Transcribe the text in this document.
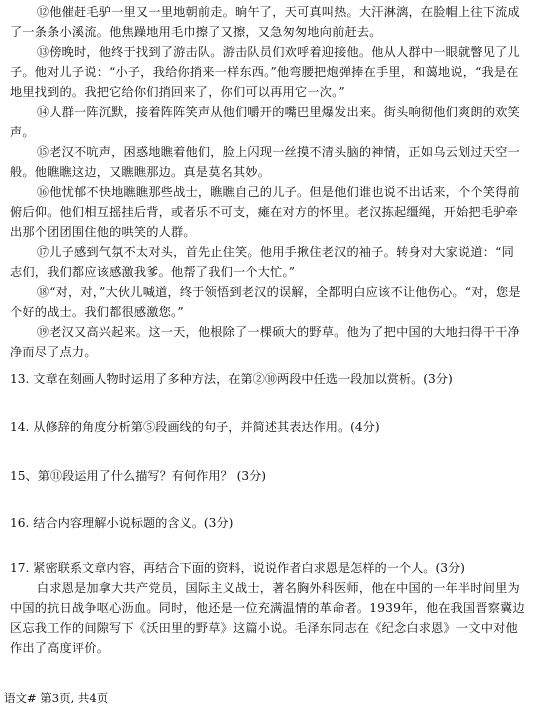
⑫他催赶毛驴一里又一里地朝前走。晌午了，天可真叫热。大汗淋漓，在脸帽上往下流成了一条条小溪流。他焦躁地用毛巾擦了又擦，又急匆匆地向前赶去。

⑬傍晚时，他终于找到了游击队。游击队员们欢呼着迎接他。他从人群中一眼就瞥见了儿子。他对儿子说：“小子，我给你捎来一样东西。”他弯腰把炮弹捧在手里，和蔼地说，“我是在地里找到的。我把它给你们捎回来了，你们可以再用它一次。”

⑭人群一阵沉默，接着阵阵笑声从他们嚼开的嘴巴里爆发出来。街头响彻他们爽朗的欢笑声。

⑮老汉不吭声，困惑地瞧着他们，脸上闪现一丝摸不清头脑的神情，正如乌云划过天空一般。他瞧瞧这边，又瞧瞧那边。真是莫名其妙。

⑯他忧郁不快地瞧瞧那些战士，瞧瞧自己的儿子。但是他们谁也说不出话来，个个笑得前俯后仰。他们相互摇挂后背，或者乐不可支，瘫在对方的怀里。老汉拣起缰绳，开始把毛驴牵出那个团团围住他的哄笑的人群。

⑰儿子感到气氛不太对头，首先止住笑。他用手揪住老汉的袖子。转身对大家说道：“同志们，我们都应该感激我爹。他帮了我们一个大忙。”

⑱“对，对，”大伙儿喊道，终于领悟到老汉的误解，全都明白应该不让他伤心。“对，您是个好的战士。我们都很感激您。”

⑲老汉又高兴起来。这一天，他根除了一棵硕大的野草。他为了把中国的大地扫得干干净净而尽了点力。

13. 文章在刻画人物时运用了多种方法，在第②⑩两段中任选一段加以赏析。(3分)

14. 从修辞的角度分析第⑤段画线的句子，并简述其表达作用。(4分)

15、第⑪段运用了什么描写？有何作用？ (3分)

16. 结合内容理解小说标题的含义。(3分)

17. 紧密联系文章内容，再结合下面的资料，说说作者白求恩是怎样的一个人。(3分)

白求恩是加拿大共产党员，国际主义战士，著名胸外科医师，他在中国的一年半时间里为中国的抗日战争呕心沥血。同时，他还是一位充满温情的革命者。1939年，他在我国晋察冀边区忘我工作的间隙写下《沃田里的野草》这篇小说。毛泽东同志在《纪念白求恩》一文中对他作出了高度评价。

语文# 第3页, 共4页
